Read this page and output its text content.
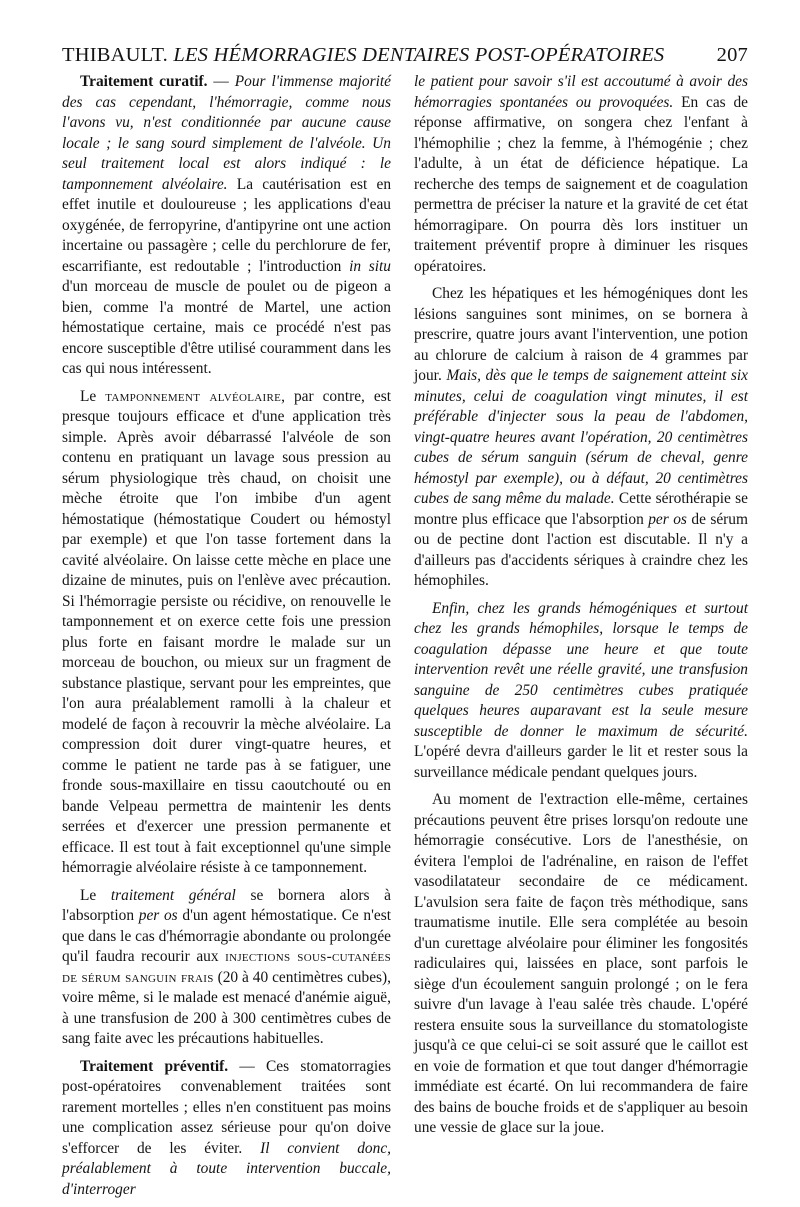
THIBAULT. LES HÉMORRAGIES DENTAIRES POST-OPÉRATOIRES	207

Traitement curatif. — Pour l'immense majorité des cas cependant, l'hémorragie, comme nous l'avons vu, n'est conditionnée par aucune cause locale ; le sang sourd simplement de l'alvéole. Un seul traitement local est alors indiqué : le tamponnement alvéolaire. La cautérisation est en effet inutile et douloureuse ; les applications d'eau oxygénée, de ferropyrine, d'antipyrine ont une action incertaine ou passagère ; celle du perchlorure de fer, escarrifiante, est redoutable ; l'introduction in situ d'un morceau de muscle de poulet ou de pigeon a bien, comme l'a montré de Martel, une action hémostatique certaine, mais ce procédé n'est pas encore susceptible d'être utilisé couramment dans les cas qui nous intéressent.

Le tamponnement alvéolaire, par contre, est presque toujours efficace et d'une application très simple. Après avoir débarrassé l'alvéole de son contenu en pratiquant un lavage sous pression au sérum physiologique très chaud, on choisit une mèche étroite que l'on imbibe d'un agent hémostatique (hémostatique Coudert ou hémostyl par exemple) et que l'on tasse fortement dans la cavité alvéolaire. On laisse cette mèche en place une dizaine de minutes, puis on l'enlève avec précaution. Si l'hémorragie persiste ou récidive, on renouvelle le tamponnement et on exerce cette fois une pression plus forte en faisant mordre le malade sur un morceau de bouchon, ou mieux sur un fragment de substance plastique, servant pour les empreintes, que l'on aura préalablement ramolli à la chaleur et modelé de façon à recouvrir la mèche alvéolaire. La compression doit durer vingt-quatre heures, et comme le patient ne tarde pas à se fatiguer, une fronde sous-maxillaire en tissu caoutchouté ou en bande Velpeau permettra de maintenir les dents serrées et d'exercer une pression permanente et efficace. Il est tout à fait exceptionnel qu'une simple hémorragie alvéolaire résiste à ce tamponnement.

Le traitement général se bornera alors à l'absorption per os d'un agent hémostatique. Ce n'est que dans le cas d'hémorragie abondante ou prolongée qu'il faudra recourir aux injections sous-cutanées de sérum sanguin frais (20 à 40 centimètres cubes), voire même, si le malade est menacé d'anémie aiguë, à une transfusion de 200 à 300 centimètres cubes de sang faite avec les précautions habituelles.

Traitement préventif. — Ces stomatorragies post-opératoires convenablement traitées sont rarement mortelles ; elles n'en constituent pas moins une complication assez sérieuse pour qu'on doive s'efforcer de les éviter. Il convient donc, préalablement à toute intervention buccale, d'interroger

le patient pour savoir s'il est accoutumé à avoir des hémorragies spontanées ou provoquées. En cas de réponse affirmative, on songera chez l'enfant à l'hémophilie ; chez la femme, à l'hémogénie ; chez l'adulte, à un état de déficience hépatique. La recherche des temps de saignement et de coagulation permettra de préciser la nature et la gravité de cet état hémorragipare. On pourra dès lors instituer un traitement préventif propre à diminuer les risques opératoires.

Chez les hépatiques et les hémogéniques dont les lésions sanguines sont minimes, on se bornera à prescrire, quatre jours avant l'intervention, une potion au chlorure de calcium à raison de 4 grammes par jour. Mais, dès que le temps de saignement atteint six minutes, celui de coagulation vingt minutes, il est préférable d'injecter sous la peau de l'abdomen, vingt-quatre heures avant l'opération, 20 centimètres cubes de sérum sanguin (sérum de cheval, genre hémostyl par exemple), ou à défaut, 20 centimètres cubes de sang même du malade. Cette sérothérapie se montre plus efficace que l'absorption per os de sérum ou de pectine dont l'action est discutable. Il n'y a d'ailleurs pas d'accidents sériques à craindre chez les hémophiles.

Enfin, chez les grands hémogéniques et surtout chez les grands hémophiles, lorsque le temps de coagulation dépasse une heure et que toute intervention revêt une réelle gravité, une transfusion sanguine de 250 centimètres cubes pratiquée quelques heures auparavant est la seule mesure susceptible de donner le maximum de sécurité. L'opéré devra d'ailleurs garder le lit et rester sous la surveillance médicale pendant quelques jours.

Au moment de l'extraction elle-même, certaines précautions peuvent être prises lorsqu'on redoute une hémorragie consécutive. Lors de l'anesthésie, on évitera l'emploi de l'adrénaline, en raison de l'effet vasodilatateur secondaire de ce médicament. L'avulsion sera faite de façon très méthodique, sans traumatisme inutile. Elle sera complétée au besoin d'un curettage alvéolaire pour éliminer les fongosités radiculaires qui, laissées en place, sont parfois le siège d'un écoulement sanguin prolongé ; on le fera suivre d'un lavage à l'eau salée très chaude. L'opéré restera ensuite sous la surveillance du stomatologiste jusqu'à ce que celui-ci se soit assuré que le caillot est en voie de formation et que tout danger d'hémorragie immédiate est écarté. On lui recommandera de faire des bains de bouche froids et de s'appliquer au besoin une vessie de glace sur la joue.
